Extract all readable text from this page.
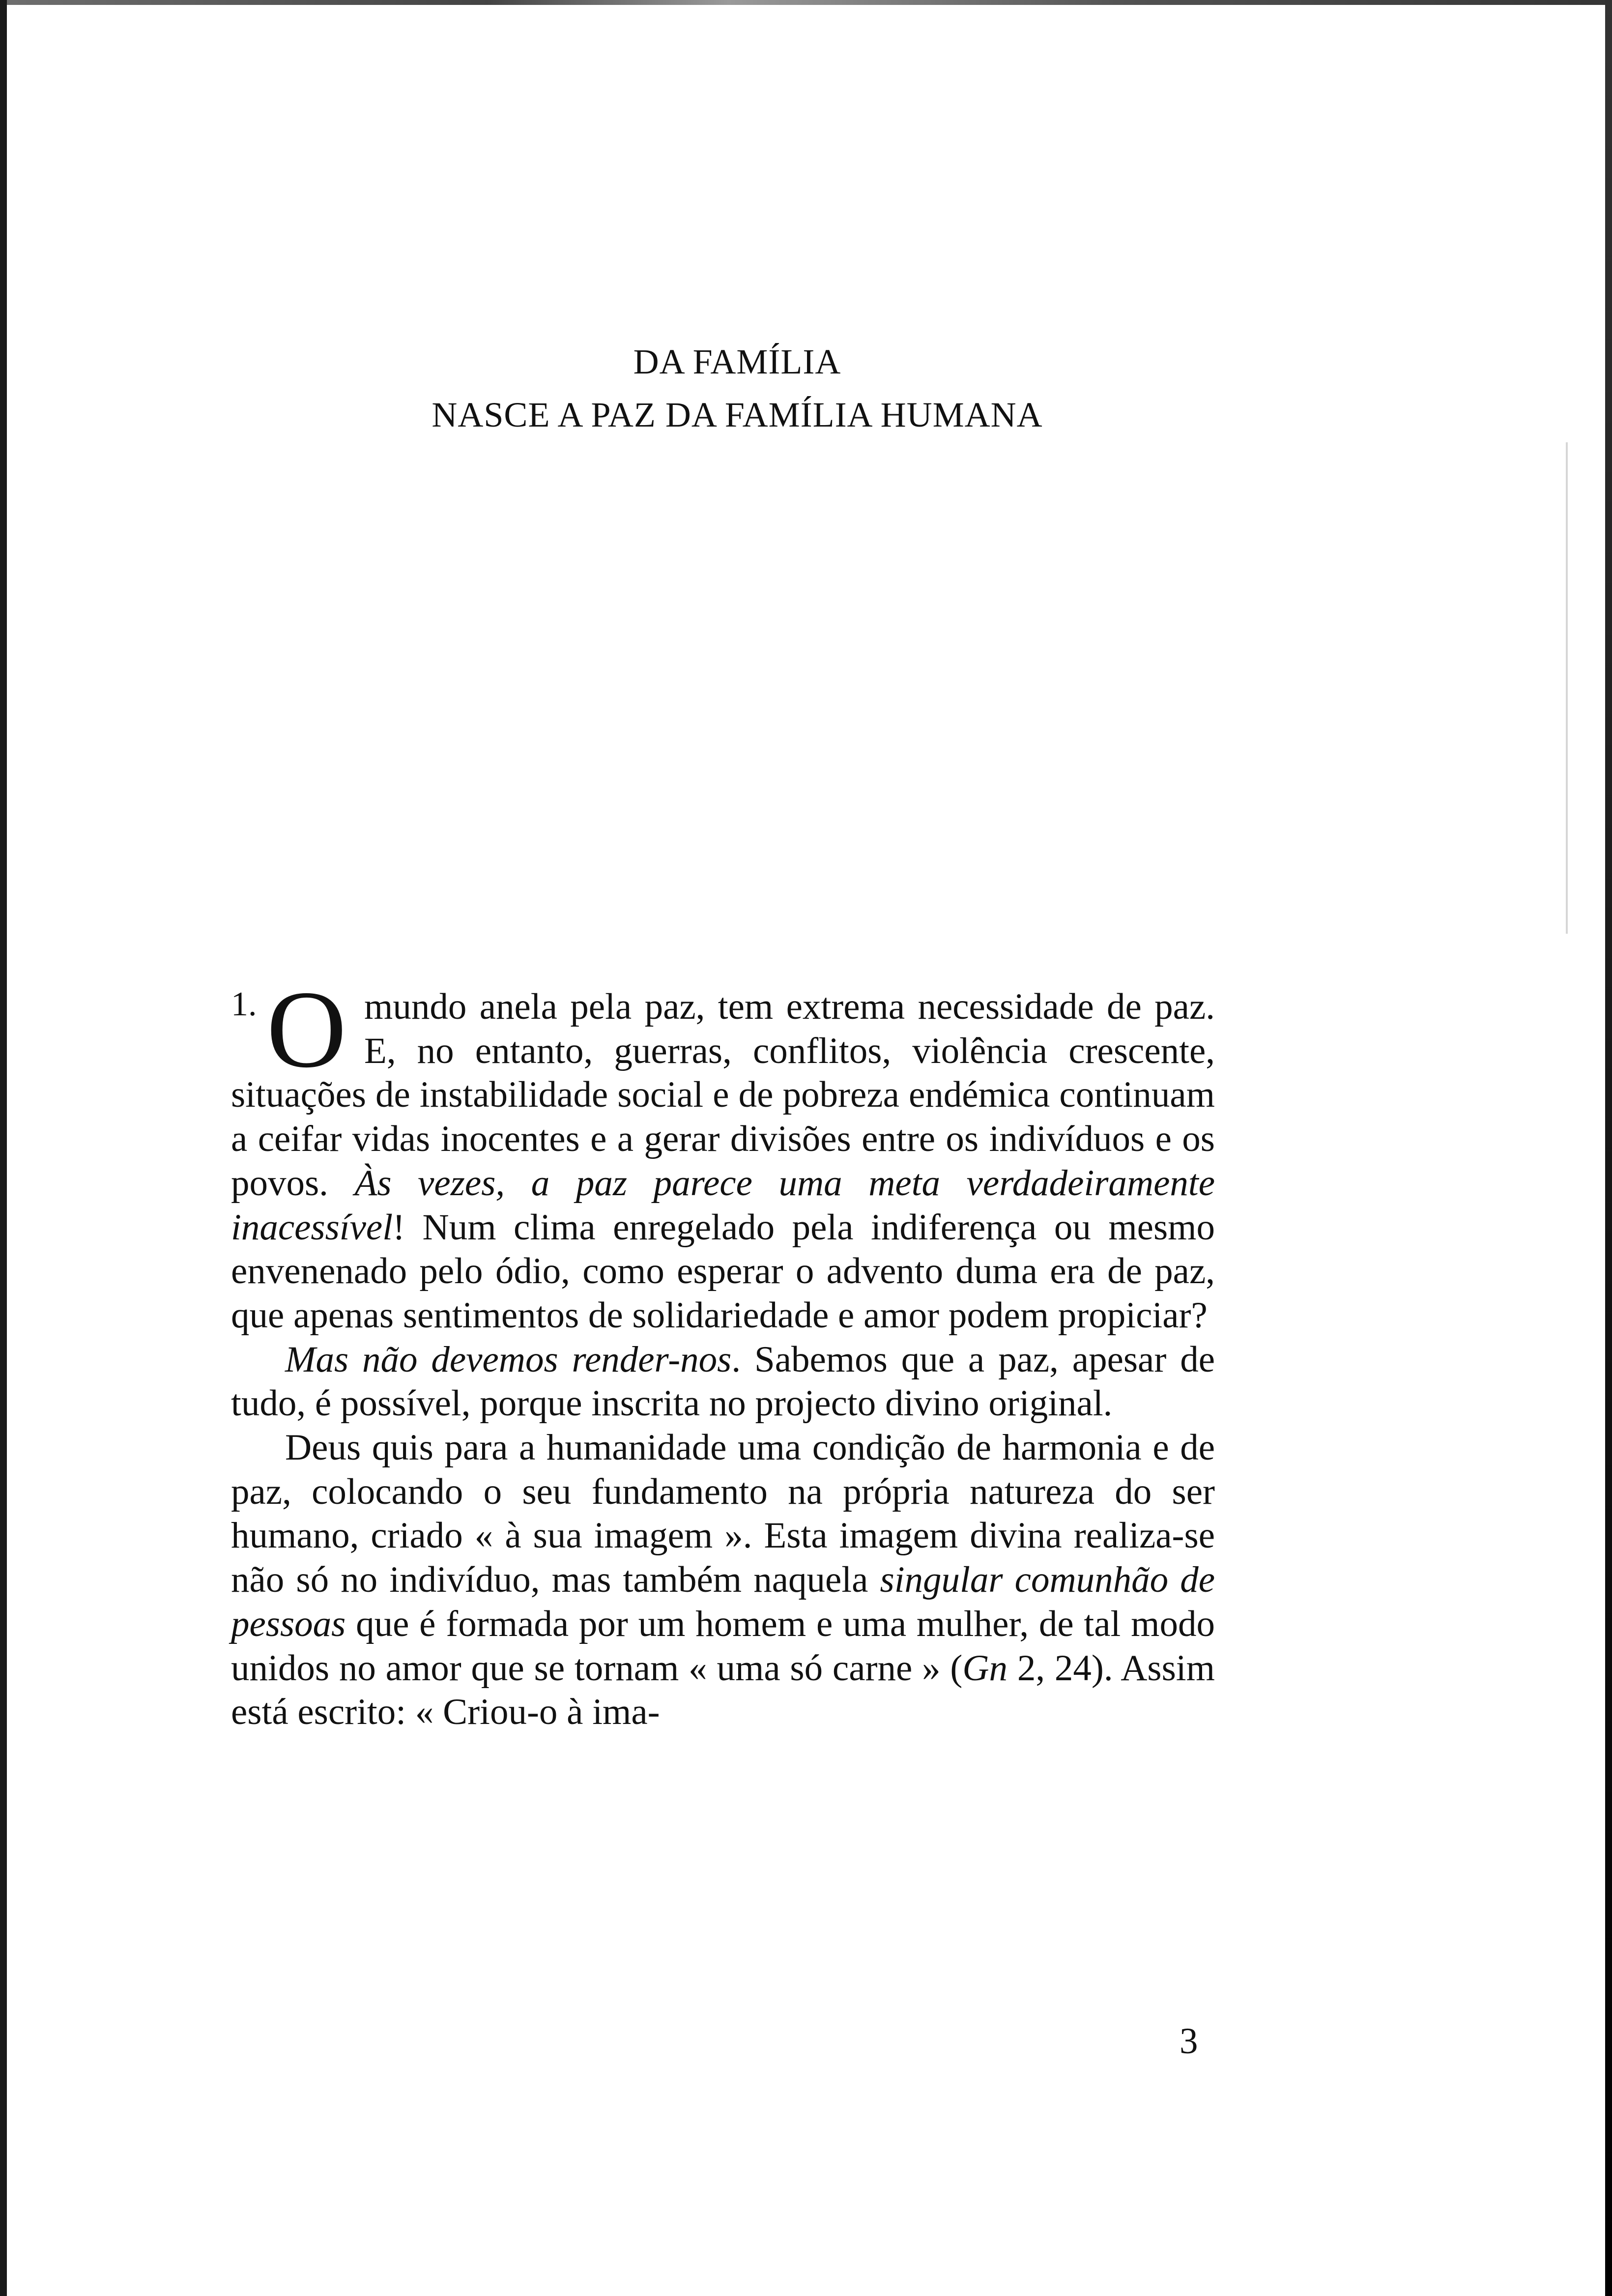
DA FAMÍLIA
NASCE A PAZ DA FAMÍLIA HUMANA

1. O mundo anela pela paz, tem extrema necessidade de paz. E, no entanto, guerras, conflitos, violência crescente, situações de instabilidade social e de pobreza endémica continuam a ceifar vidas inocentes e a gerar divisões entre os indivíduos e os povos. Às vezes, a paz parece uma meta verdadeiramente inacessível! Num clima enregelado pela indiferença ou mesmo envenenado pelo ódio, como esperar o advento duma era de paz, que apenas sentimentos de solidariedade e amor podem propiciar?

Mas não devemos render-nos. Sabemos que a paz, apesar de tudo, é possível, porque inscrita no projecto divino original.

Deus quis para a humanidade uma condição de harmonia e de paz, colocando o seu fundamento na própria natureza do ser humano, criado « à sua imagem ». Esta imagem divina realiza-se não só no indivíduo, mas também naquela singular comunhão de pessoas que é formada por um homem e uma mulher, de tal modo unidos no amor que se tornam « uma só carne » (Gn 2, 24). Assim está escrito: « Criou-o à ima-

3
